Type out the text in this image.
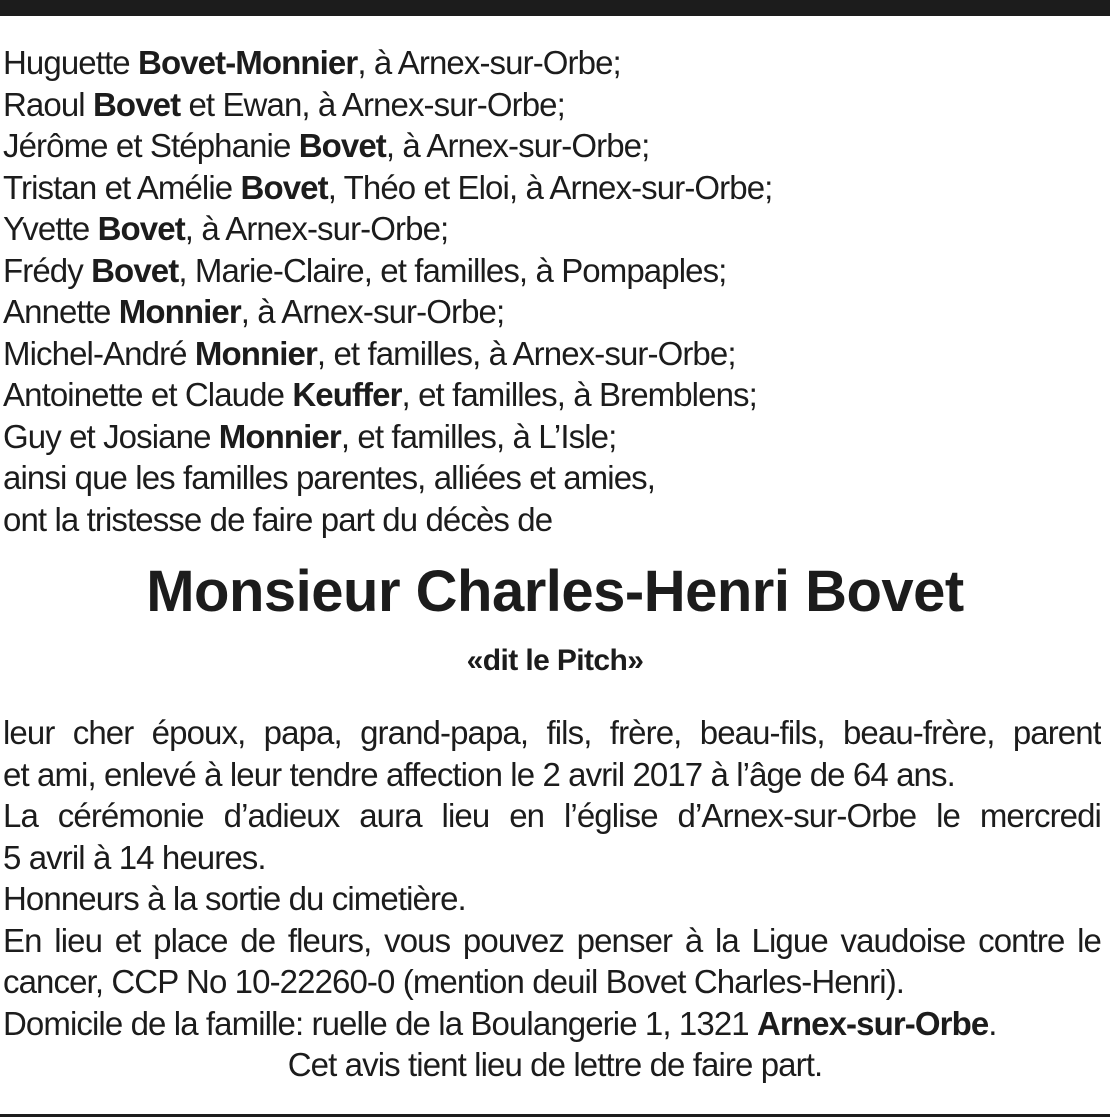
Huguette Bovet-Monnier, à Arnex-sur-Orbe;
Raoul Bovet et Ewan, à Arnex-sur-Orbe;
Jérôme et Stéphanie Bovet, à Arnex-sur-Orbe;
Tristan et Amélie Bovet, Théo et Eloi, à Arnex-sur-Orbe;
Yvette Bovet, à Arnex-sur-Orbe;
Frédy Bovet, Marie-Claire, et familles, à Pompaples;
Annette Monnier, à Arnex-sur-Orbe;
Michel-André Monnier, et familles, à Arnex-sur-Orbe;
Antoinette et Claude Keuffer, et familles, à Bremblens;
Guy et Josiane Monnier, et familles, à L’Isle;
ainsi que les familles parentes, alliées et amies,
ont la tristesse de faire part du décès de
Monsieur Charles-Henri Bovet
«dit le Pitch»
leur cher époux, papa, grand-papa, fils, frère, beau-fils, beau-frère, parent
et ami, enlevé à leur tendre affection le 2 avril 2017 à l’âge de 64 ans.
La cérémonie d’adieux aura lieu en l’église d’Arnex-sur-Orbe le mercredi
5 avril à 14 heures.
Honneurs à la sortie du cimetière.
En lieu et place de fleurs, vous pouvez penser à la Ligue vaudoise contre le
cancer, CCP No 10-22260-0 (mention deuil Bovet Charles-Henri).
Domicile de la famille: ruelle de la Boulangerie 1, 1321 Arnex-sur-Orbe.
Cet avis tient lieu de lettre de faire part.
